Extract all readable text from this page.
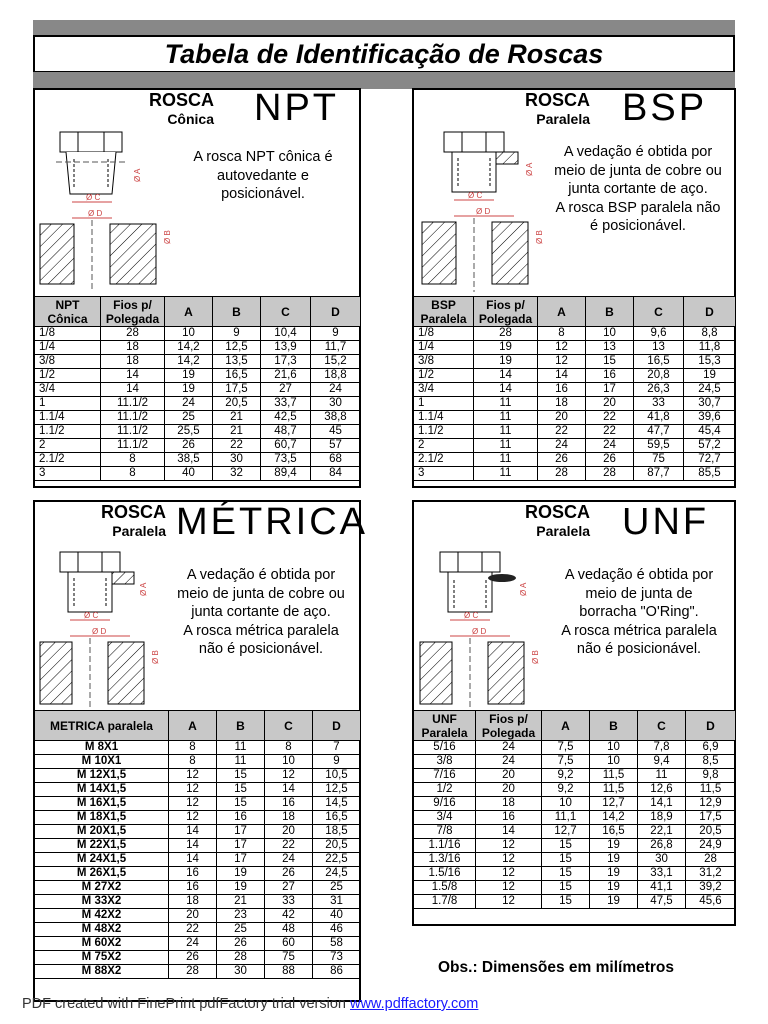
Tabela de Identificação de Roscas
ROSCA
Cônica NPT
A rosca NPT cônica é
autovedante e
posicionável.
Ø A
Ø C
Ø D
Ø B
NPT Cônica	Fios p/ Polegada	A	B	C	D
1/8	28	10	9	10,4	9
1/4	18	14,2	12,5	13,9	11,7
3/8	18	14,2	13,5	17,3	15,2
1/2	14	19	16,5	21,6	18,8
3/4	14	19	17,5	27	24
1	11.1/2	24	20,5	33,7	30
1.1/4	11.1/2	25	21	42,5	38,8
1.1/2	11.1/2	25,5	21	48,7	45
2	11.1/2	26	22	60,7	57
2.1/2	8	38,5	30	73,5	68
3	8	40	32	89,4	84
ROSCA
Paralela BSP
A vedação é obtida por
meio de junta de cobre ou
junta cortante de aço.
A rosca BSP paralela não
é posicionável.
Ø A
Ø C
Ø D
Ø B
BSP Paralela	Fios p/ Polegada	A	B	C	D
1/8	28	8	10	9,6	8,8
1/4	19	12	13	13	11,8
3/8	19	12	15	16,5	15,3
1/2	14	14	16	20,8	19
3/4	14	16	17	26,3	24,5
1	11	18	20	33	30,7
1.1/4	11	20	22	41,8	39,6
1.1/2	11	22	22	47,7	45,4
2	11	24	24	59,5	57,2
2.1/2	11	26	26	75	72,7
3	11	28	28	87,7	85,5
ROSCA
Paralela MÉTRICA
A vedação é obtida por
meio de junta de cobre ou
junta cortante de aço.
A rosca métrica paralela
não é posicionável.
Ø A
Ø C
Ø D
Ø B
METRICA paralela	A	B	C	D
M 8X1	8	11	8	7
M 10X1	8	11	10	9
M 12X1,5	12	15	12	10,5
M 14X1,5	12	15	14	12,5
M 16X1,5	12	15	16	14,5
M 18X1,5	12	16	18	16,5
M 20X1,5	14	17	20	18,5
M 22X1,5	14	17	22	20,5
M 24X1,5	14	17	24	22,5
M 26X1,5	16	19	26	24,5
M 27X2	16	19	27	25
M 33X2	18	21	33	31
M 42X2	20	23	42	40
M 48X2	22	25	48	46
M 60X2	24	26	60	58
M 75X2	26	28	75	73
M 88X2	28	30	88	86
ROSCA
Paralela UNF
A vedação é obtida por
meio de junta de
borracha "O'Ring".
A rosca métrica paralela
não é posicionável.
Ø A
Ø C
Ø D
Ø B
UNF Paralela	Fios p/ Polegada	A	B	C	D
5/16	24	7,5	10	7,8	6,9
3/8	24	7,5	10	9,4	8,5
7/16	20	9,2	11,5	11	9,8
1/2	20	9,2	11,5	12,6	11,5
9/16	18	10	12,7	14,1	12,9
3/4	16	11,1	14,2	18,9	17,5
7/8	14	12,7	16,5	22,1	20,5
1.1/16	12	15	19	26,8	24,9
1.3/16	12	15	19	30	28
1.5/16	12	15	19	33,1	31,2
1.5/8	12	15	19	41,1	39,2
1.7/8	12	15	19	47,5	45,6
Obs.: Dimensões em milímetros
PDF created with FinePrint pdfFactory trial version www.pdffactory.com
